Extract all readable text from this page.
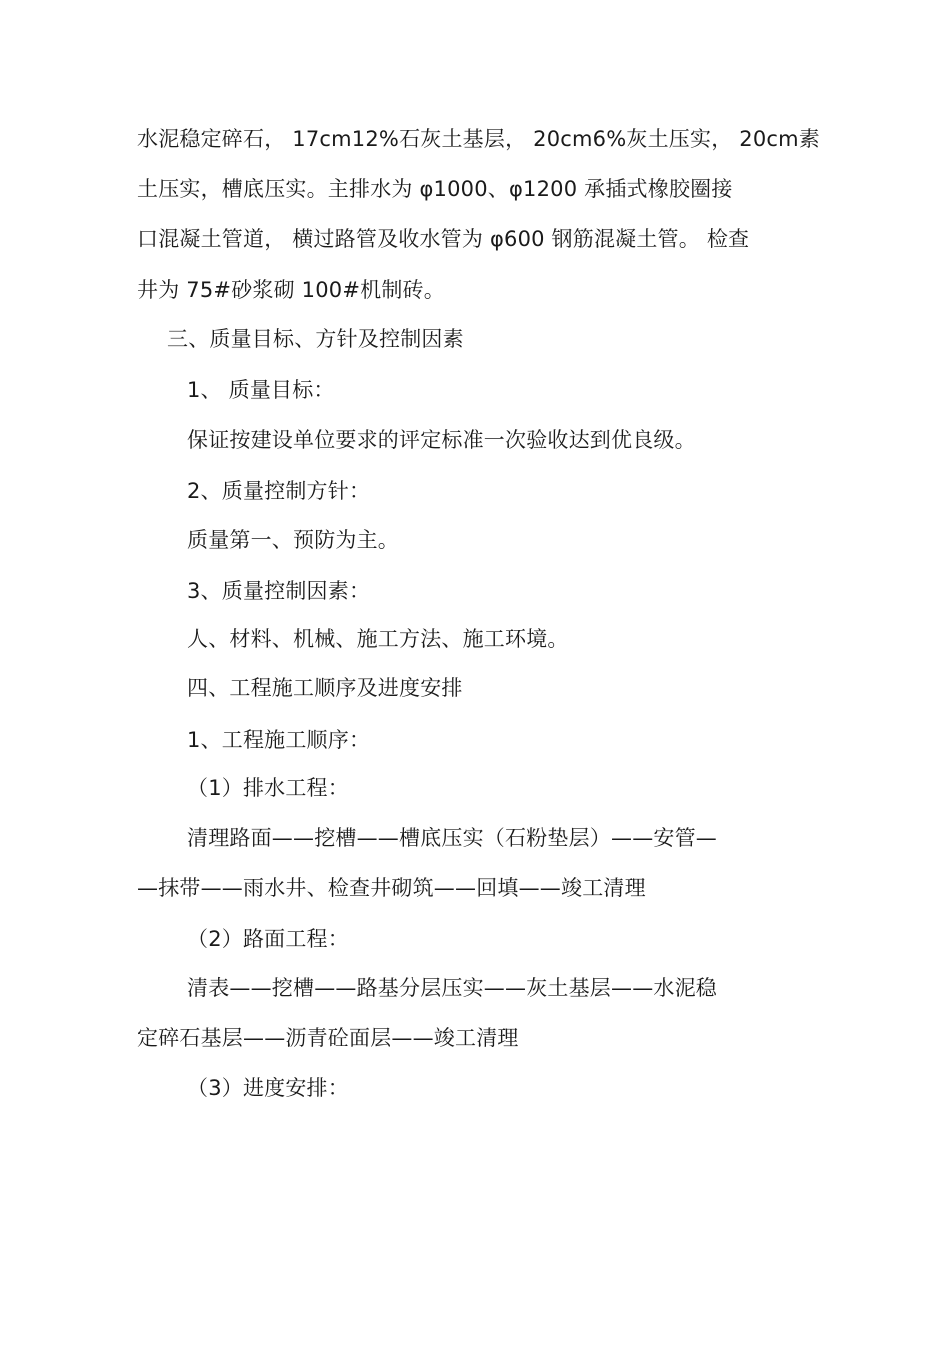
水泥稳定碎石， 17cm12%石灰土基层， 20cm6%灰土压实， 20cm素
土压实，槽底压实。主排水为 φ1000、φ1200 承插式橡胶圈接
口混凝土管道， 横过路管及收水管为 φ600 钢筋混凝土管。 检查
井为 75#砂浆砌 100#机制砖。
三、质量目标、方针及控制因素
1、 质量目标：
保证按建设单位要求的评定标准一次验收达到优良级。
2、质量控制方针：
质量第一、预防为主。
3、质量控制因素：
人、材料、机械、施工方法、施工环境。
四、工程施工顺序及进度安排
1、工程施工顺序：
（1）排水工程：
清理路面——挖槽——槽底压实（石粉垫层）——安管—
—抹带——雨水井、检查井砌筑——回填——竣工清理
（2）路面工程：
清表——挖槽——路基分层压实——灰土基层——水泥稳
定碎石基层——沥青砼面层——竣工清理
（3）进度安排：
